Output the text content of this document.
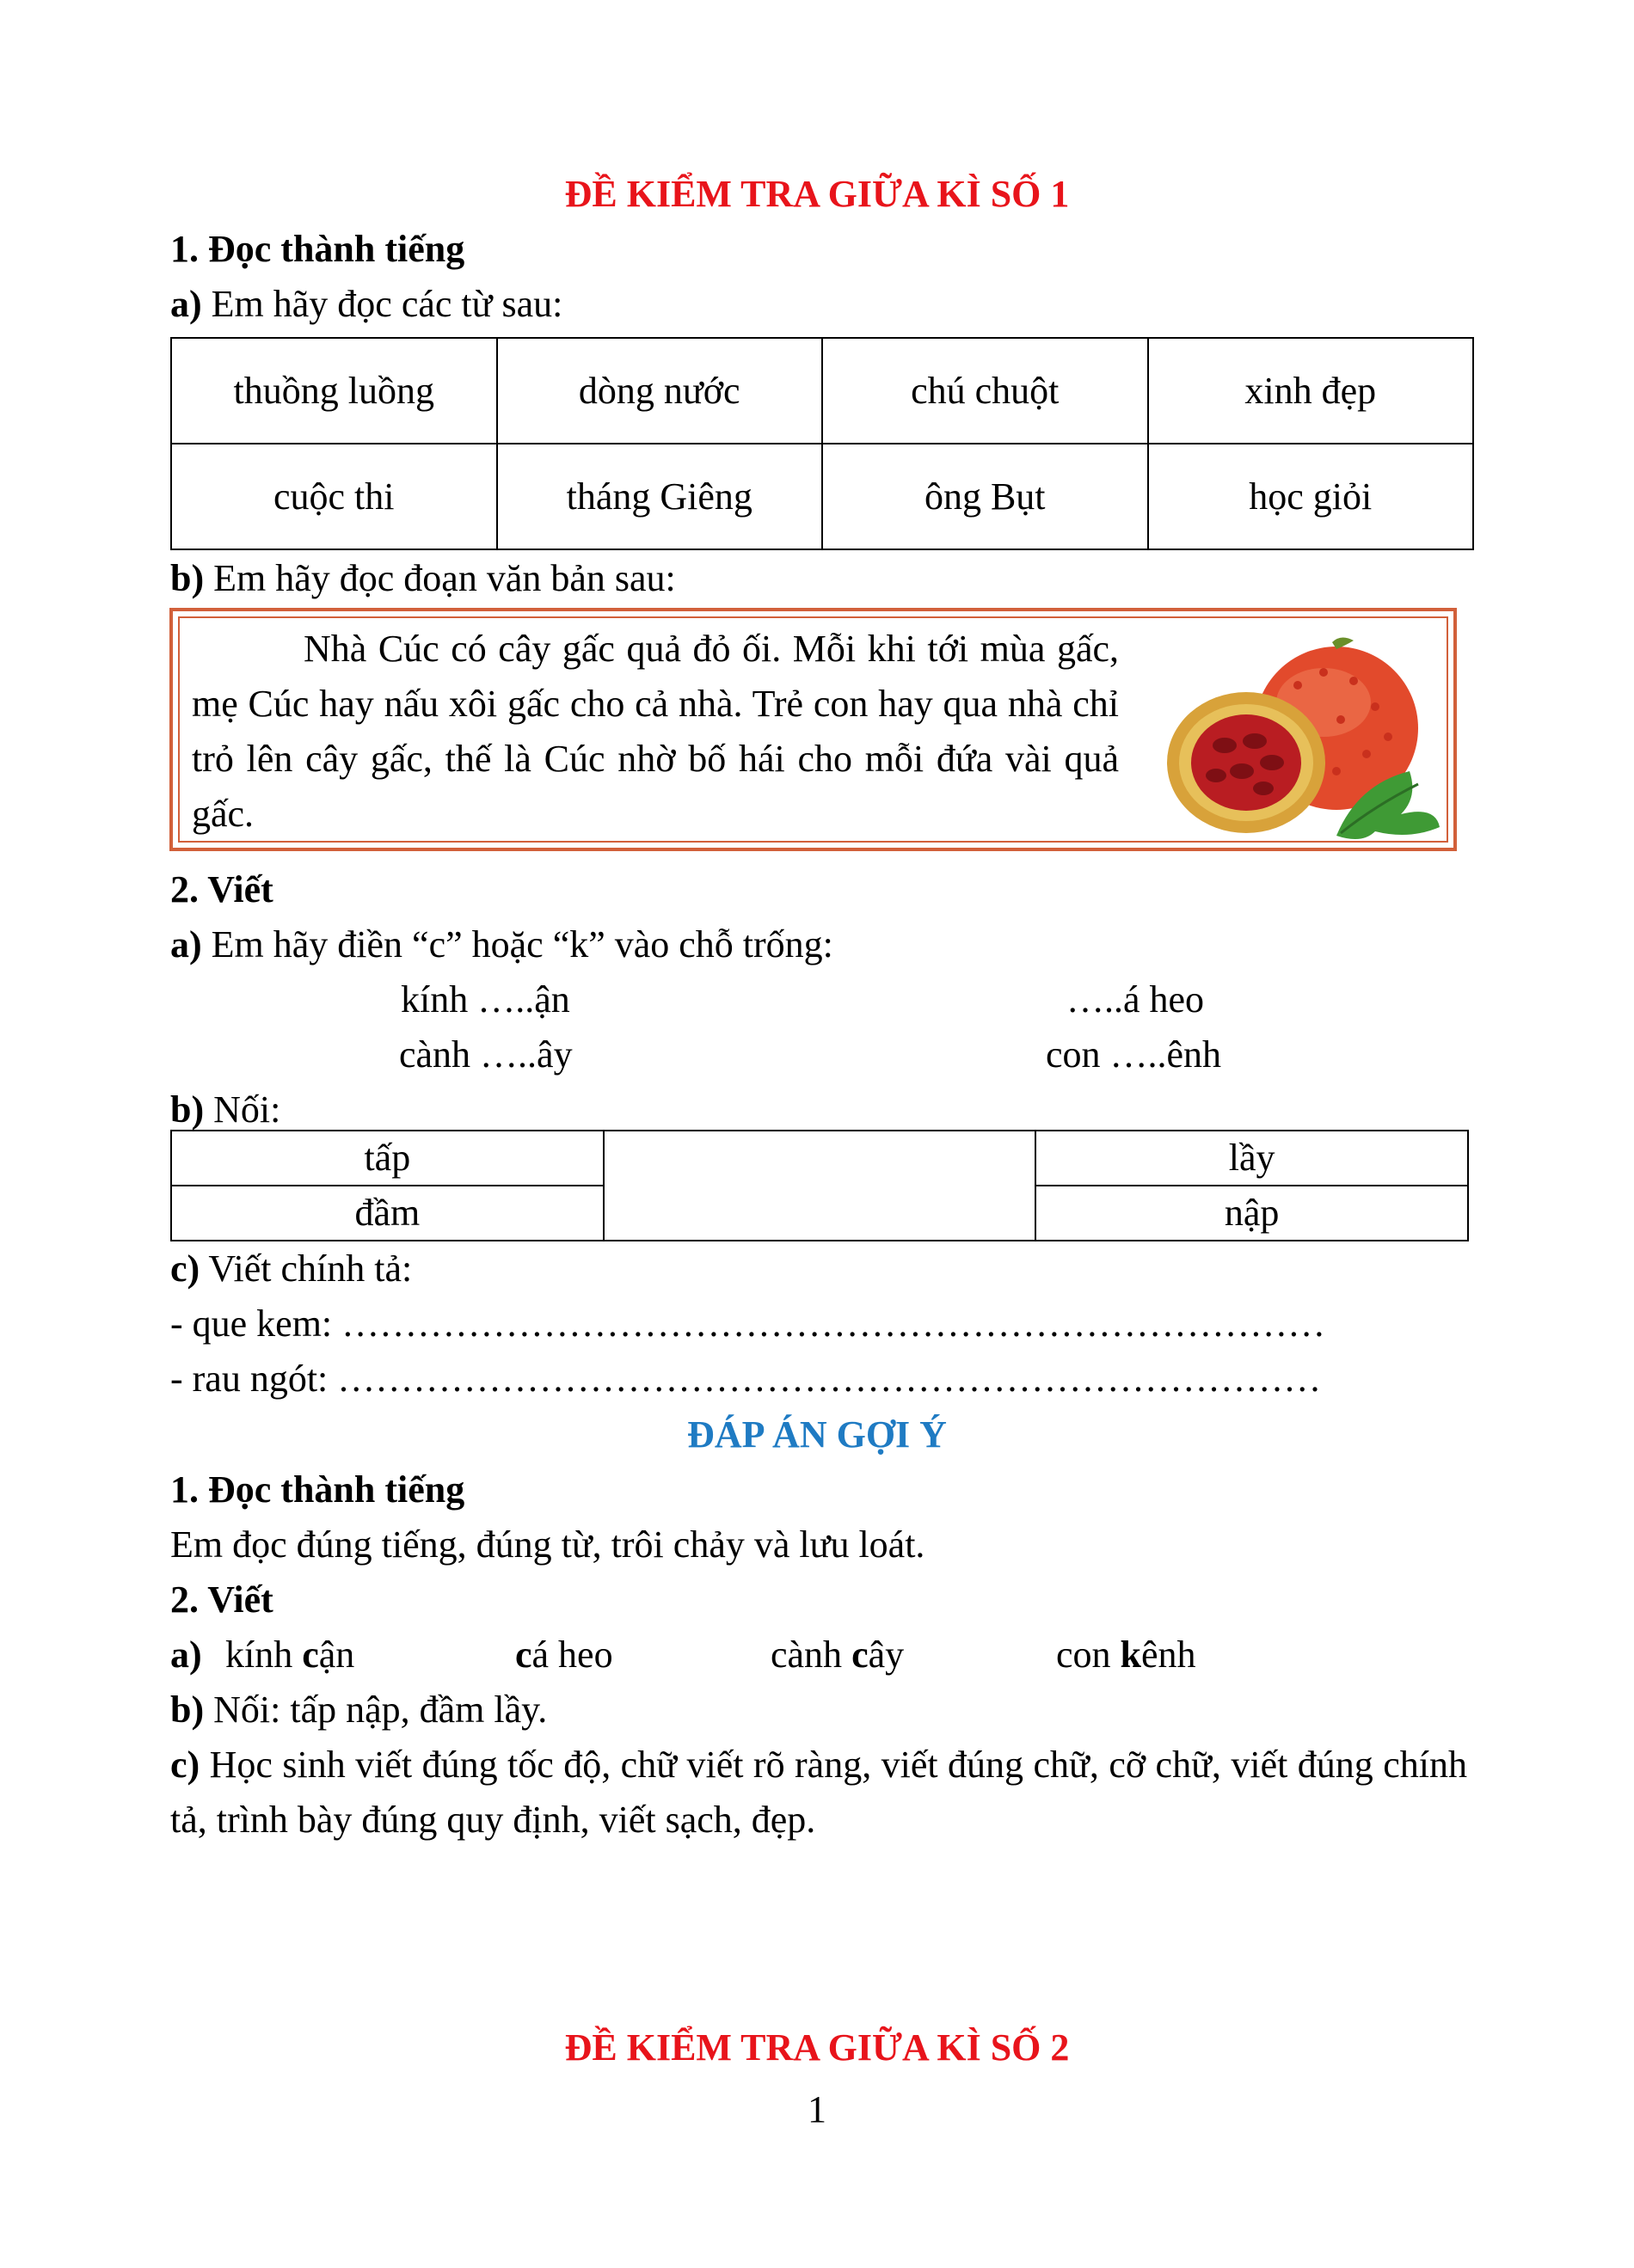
ĐỀ KIỂM TRA GIỮA KÌ SỐ 1
1. Đọc thành tiếng
a) Em hãy đọc các từ sau:
thuồng luồng	dòng nước	chú chuột	xinh đẹp
cuộc thi	tháng Giêng	ông Bụt	học giỏi
b) Em hãy đọc đoạn văn bản sau:
Nhà Cúc có cây gấc quả đỏ ối. Mỗi khi tới mùa gấc, mẹ Cúc hay nấu xôi gấc cho cả nhà. Trẻ con hay qua nhà chỉ trỏ lên cây gấc, thế là Cúc nhờ bố hái cho mỗi đứa vài quả gấc.
2. Viết
a) Em hãy điền “c” hoặc “k” vào chỗ trống:
kính …..ận	…..á heo
cành …..ây	con …..ênh
b) Nối:
tấp		lầy
đầm		nập
c) Viết chính tả:
- que kem: ……………………………………………………………………
- rau ngót: ……………………………………………………………………
ĐÁP ÁN GỢI Ý
1. Đọc thành tiếng
Em đọc đúng tiếng, đúng từ, trôi chảy và lưu loát.
2. Viết
a) kính cận	cá heo	cành cây	con kênh
b) Nối: tấp nập, đầm lầy.
c) Học sinh viết đúng tốc độ, chữ viết rõ ràng, viết đúng chữ, cỡ chữ, viết đúng chính tả, trình bày đúng quy định, viết sạch, đẹp.
ĐỀ KIỂM TRA GIỮA KÌ SỐ 2
1
